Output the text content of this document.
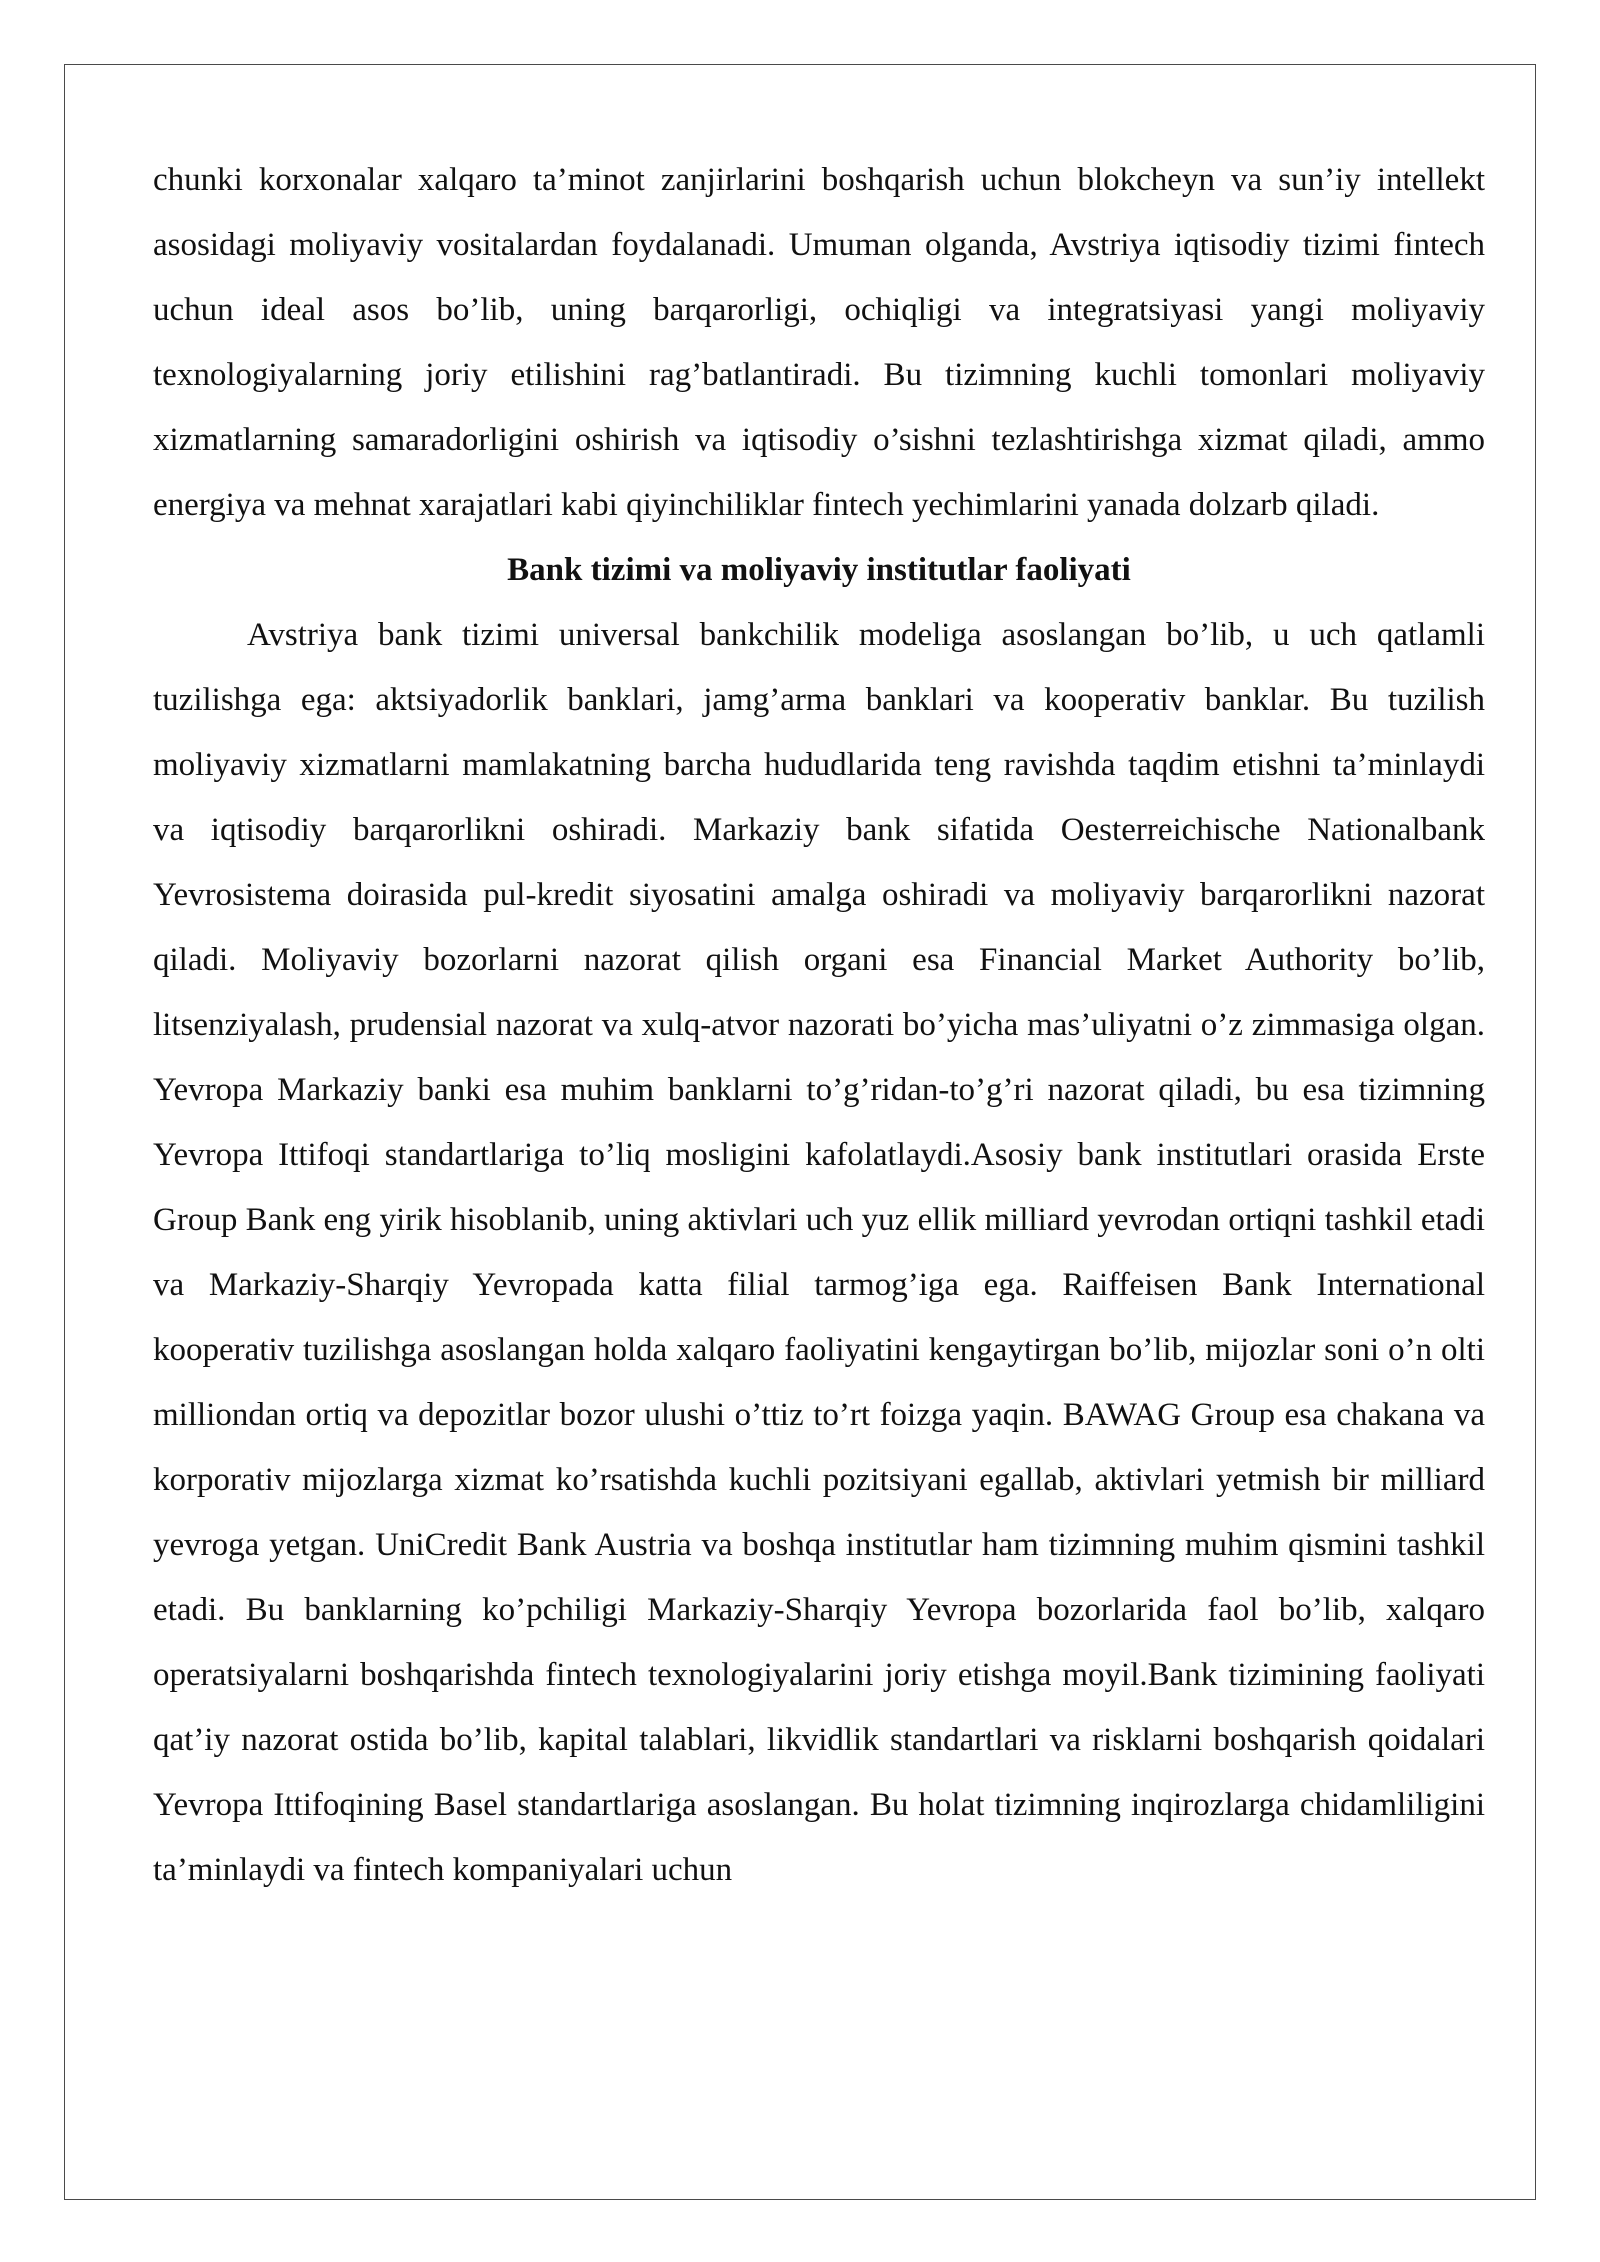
chunki korxonalar xalqaro ta’minot zanjirlarini boshqarish uchun blokcheyn va sun’iy intellekt asosidagi moliyaviy vositalardan foydalanadi. Umuman olganda, Avstriya iqtisodiy tizimi fintech uchun ideal asos bo’lib, uning barqarorligi, ochiqligi va integratsiyasi yangi moliyaviy texnologiyalarning joriy etilishini rag’batlantiradi. Bu tizimning kuchli tomonlari moliyaviy xizmatlarning samaradorligini oshirish va iqtisodiy o’sishni tezlashtirishga xizmat qiladi, ammo energiya va mehnat xarajatlari kabi qiyinchiliklar fintech yechimlarini yanada dolzarb qiladi.

Bank tizimi va moliyaviy institutlar faoliyati

Avstriya bank tizimi universal bankchilik modeliga asoslangan bo’lib, u uch qatlamli tuzilishga ega: aktsiyadorlik banklari, jamg’arma banklari va kooperativ banklar. Bu tuzilish moliyaviy xizmatlarni mamlakatning barcha hududlarida teng ravishda taqdim etishni ta’minlaydi va iqtisodiy barqarorlikni oshiradi. Markaziy bank sifatida Oesterreichische Nationalbank Yevrosistema doirasida pul-kredit siyosatini amalga oshiradi va moliyaviy barqarorlikni nazorat qiladi. Moliyaviy bozorlarni nazorat qilish organi esa Financial Market Authority bo’lib, litsenziyalash, prudensial nazorat va xulq-atvor nazorati bo’yicha mas’uliyatni o’z zimmasiga olgan. Yevropa Markaziy banki esa muhim banklarni to’g’ridan-to’g’ri nazorat qiladi, bu esa tizimning Yevropa Ittifoqi standartlariga to’liq mosligini kafolatlaydi.Asosiy bank institutlari orasida Erste Group Bank eng yirik hisoblanib, uning aktivlari uch yuz ellik milliard yevrodan ortiqni tashkil etadi va Markaziy-Sharqiy Yevropada katta filial tarmog’iga ega. Raiffeisen Bank International kooperativ tuzilishga asoslangan holda xalqaro faoliyatini kengaytirgan bo’lib, mijozlar soni o’n olti milliondan ortiq va depozitlar bozor ulushi o’ttiz to’rt foizga yaqin. BAWAG Group esa chakana va korporativ mijozlarga xizmat ko’rsatishda kuchli pozitsiyani egallab, aktivlari yetmish bir milliard yevroga yetgan. UniCredit Bank Austria va boshqa institutlar ham tizimning muhim qismini tashkil etadi. Bu banklarning ko’pchiligi Markaziy-Sharqiy Yevropa bozorlarida faol bo’lib, xalqaro operatsiyalarni boshqarishda fintech texnologiyalarini joriy etishga moyil.Bank tizimining faoliyati qat’iy nazorat ostida bo’lib, kapital talablari, likvidlik standartlari va risklarni boshqarish qoidalari Yevropa Ittifoqining Basel standartlariga asoslangan. Bu holat tizimning inqirozlarga chidamliligini ta’minlaydi va fintech kompaniyalari uchun
